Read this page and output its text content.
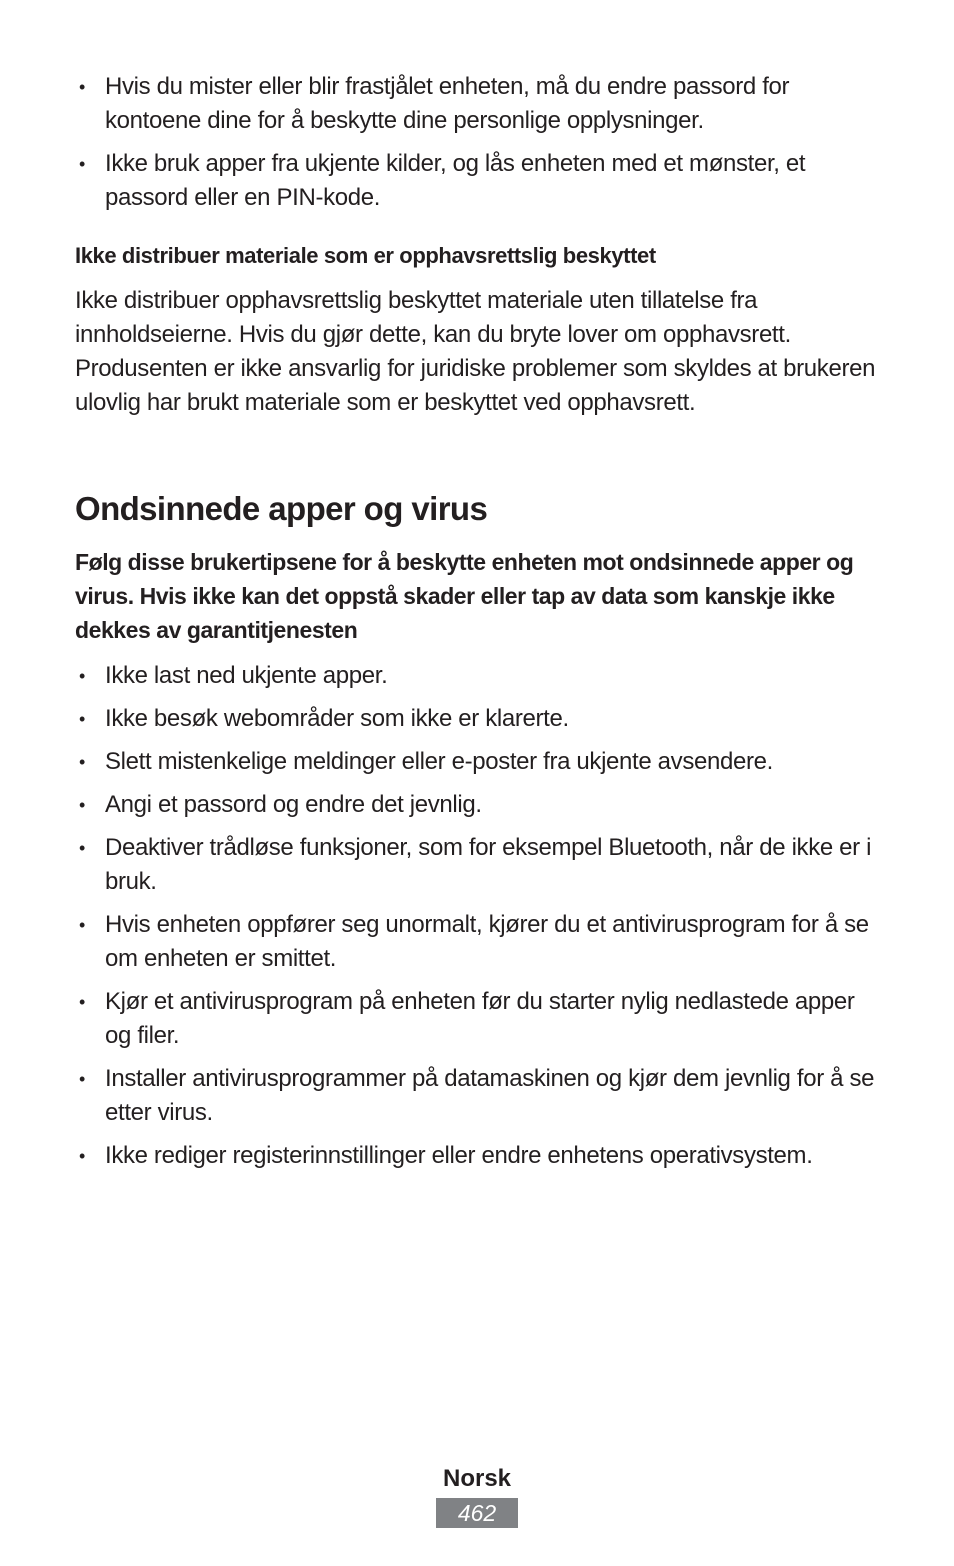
• Hvis du mister eller blir frastjålet enheten, må du endre passord for kontoene dine for å beskytte dine personlige opplysninger.
• Ikke bruk apper fra ukjente kilder, og lås enheten med et mønster, et passord eller en PIN-kode.
Ikke distribuer materiale som er opphavsrettslig beskyttet

Ikke distribuer opphavsrettslig beskyttet materiale uten tillatelse fra innholdseierne. Hvis du gjør dette, kan du bryte lover om opphavsrett. Produsenten er ikke ansvarlig for juridiske problemer som skyldes at brukeren ulovlig har brukt materiale som er beskyttet ved opphavsrett.

Ondsinnede apper og virus

Følg disse brukertipsene for å beskytte enheten mot ondsinnede apper og virus. Hvis ikke kan det oppstå skader eller tap av data som kanskje ikke dekkes av garantitjenesten

• Ikke last ned ukjente apper.
• Ikke besøk webområder som ikke er klarerte.
• Slett mistenkelige meldinger eller e-poster fra ukjente avsendere.
• Angi et passord og endre det jevnlig.
• Deaktiver trådløse funksjoner, som for eksempel Bluetooth, når de ikke er i bruk.
• Hvis enheten oppfører seg unormalt, kjører du et antivirusprogram for å se om enheten er smittet.
• Kjør et antivirusprogram på enheten før du starter nylig nedlastede apper og filer.
• Installer antivirusprogrammer på datamaskinen og kjør dem jevnlig for å se etter virus.
• Ikke rediger registerinnstillinger eller endre enhetens operativsystem.
Norsk
462
